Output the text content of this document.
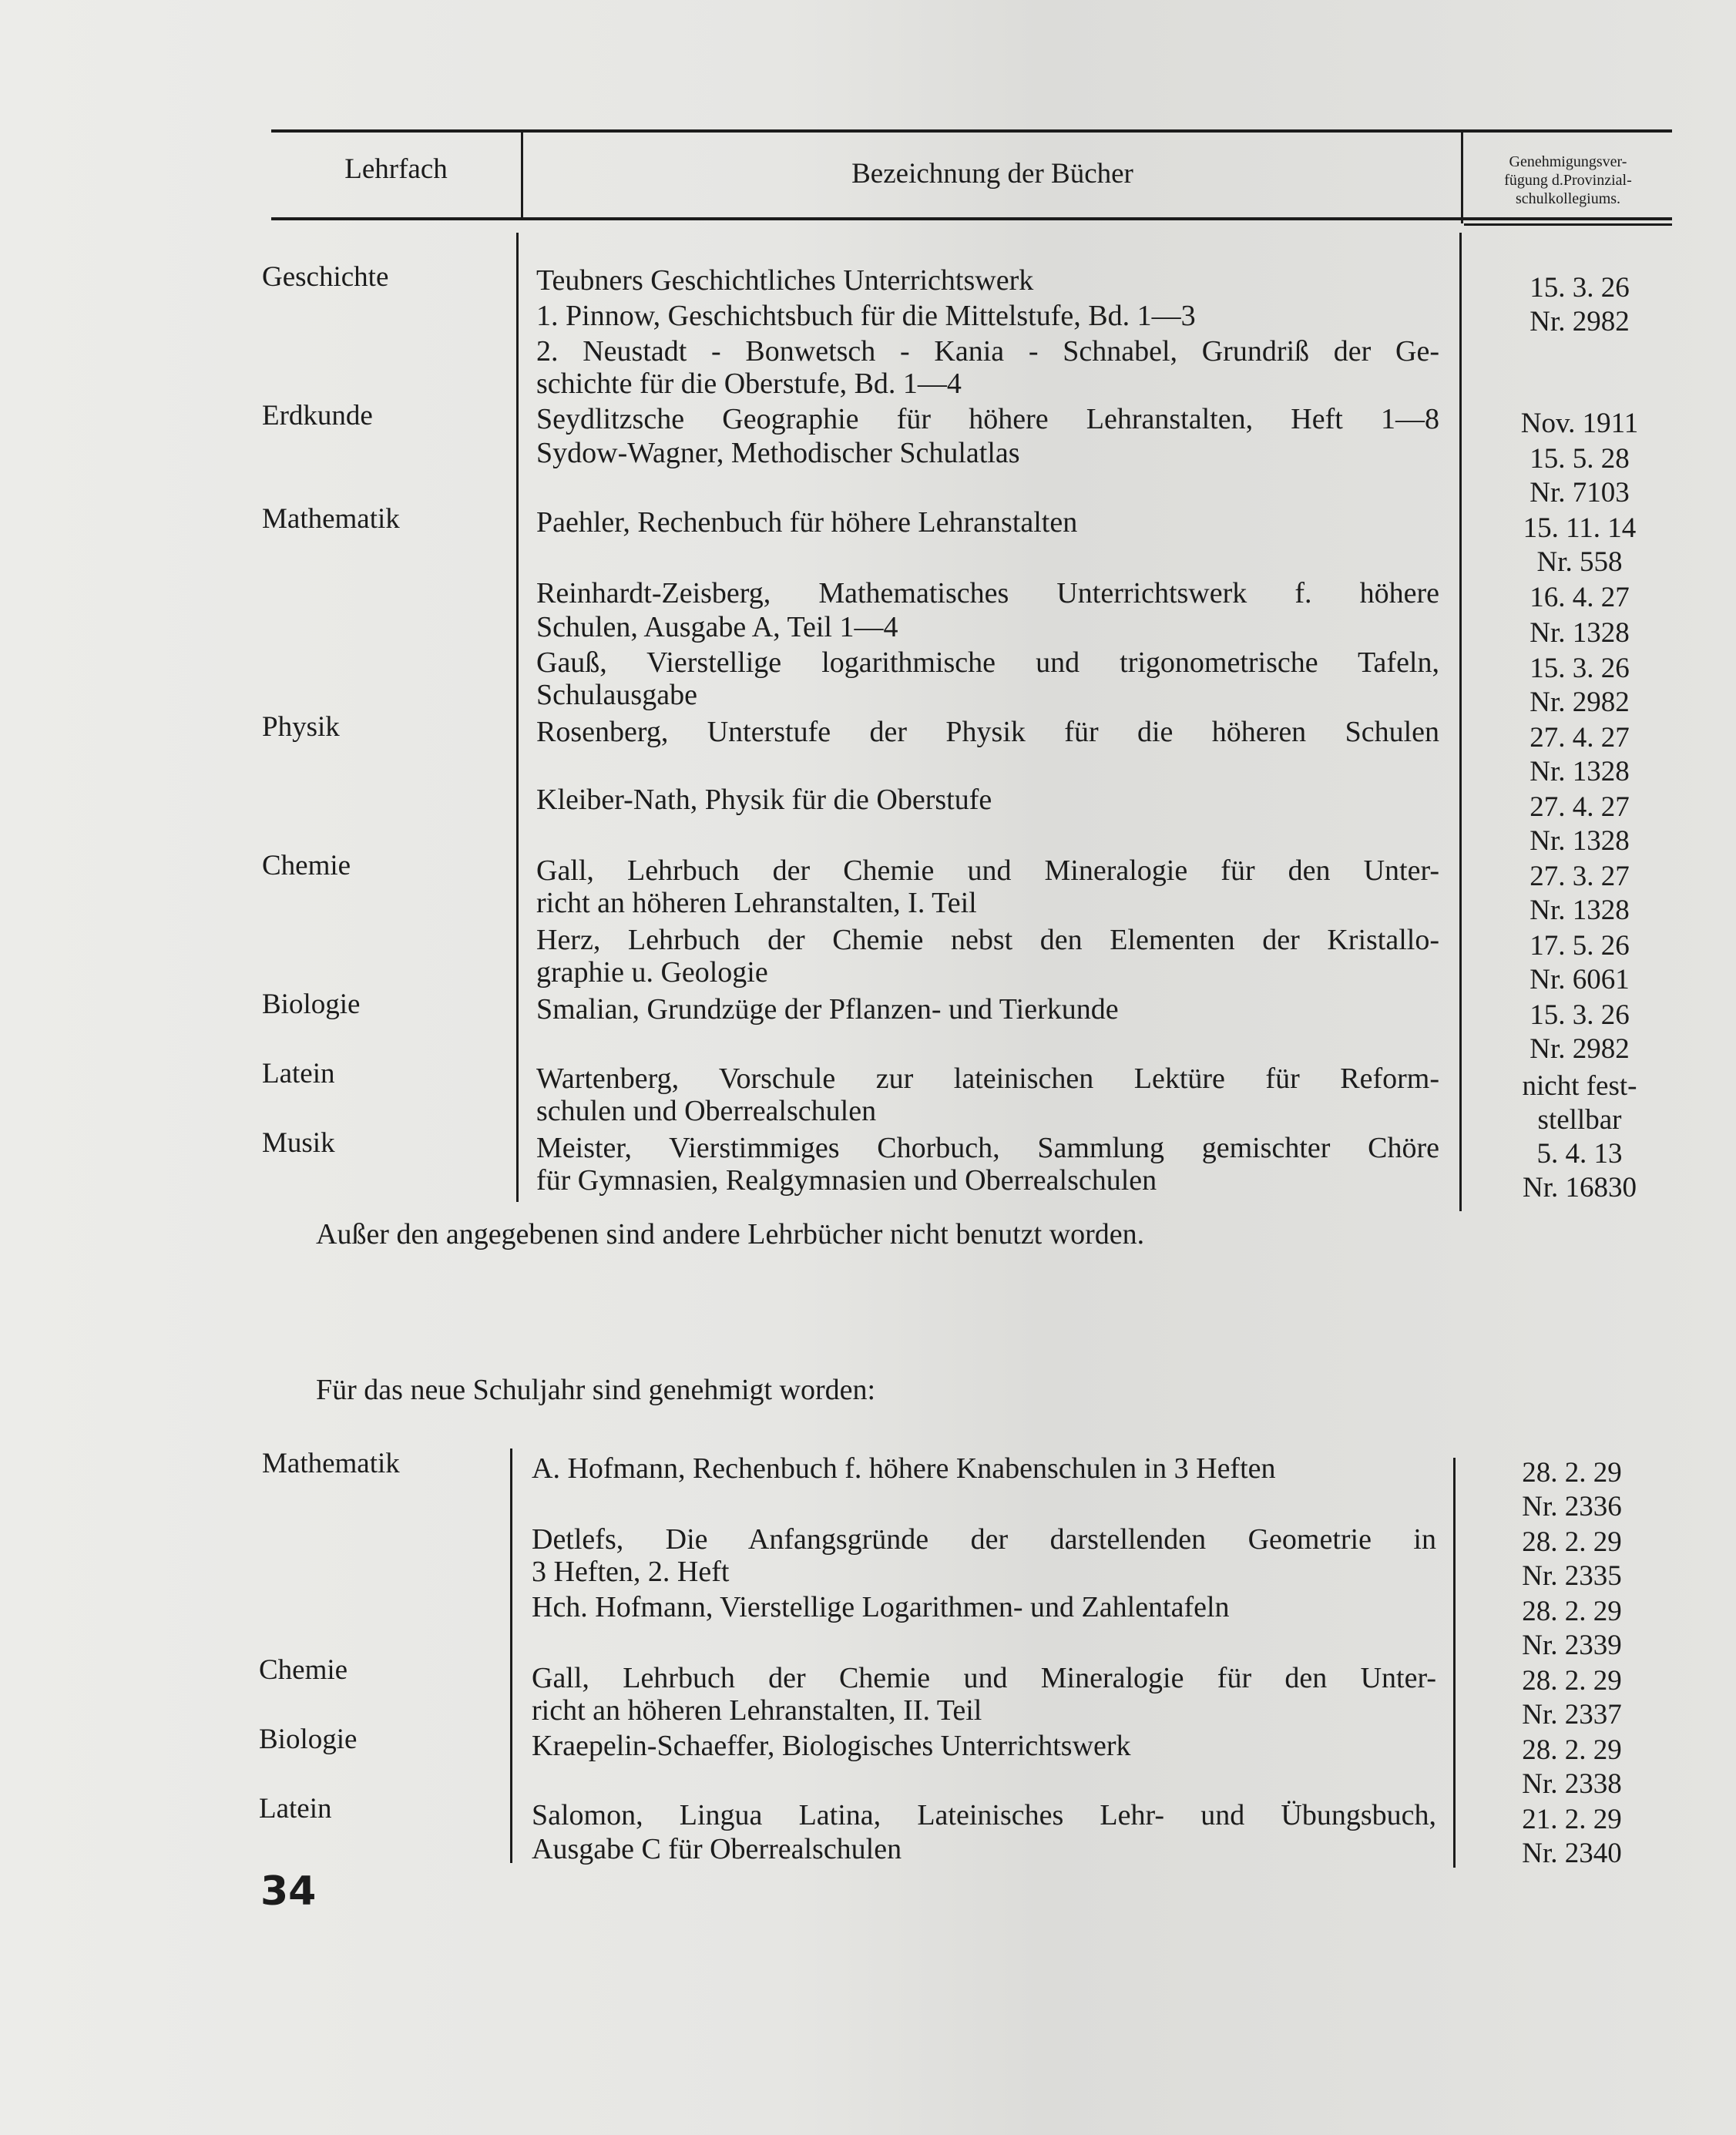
Lehrfach	Bezeichnung der Bücher	Genehmigungsver-
fügung d.Provinzial-
schulkollegiums.
Geschichte
Erdkunde
Mathematik
Physik
Chemie
Biologie
Latein
Musik
Teubners Geschichtliches Unterrichtswerk
1. Pinnow, Geschichtsbuch für die Mittelstufe, Bd. 1—3
2. Neustadt - Bonwetsch - Kania - Schnabel, Grundriß der Ge-
schichte für die Oberstufe, Bd. 1—4
Seydlitzsche Geographie für höhere Lehranstalten, Heft 1—8
Sydow-Wagner, Methodischer Schulatlas
Paehler, Rechenbuch für höhere Lehranstalten
Reinhardt-Zeisberg, Mathematisches Unterrichtswerk f. höhere
Schulen, Ausgabe A, Teil 1—4
Gauß, Vierstellige logarithmische und trigonometrische Tafeln,
Schulausgabe
Rosenberg, Unterstufe der Physik für die höheren Schulen
Kleiber-Nath, Physik für die Oberstufe
Gall, Lehrbuch der Chemie und Mineralogie für den Unter-
richt an höheren Lehranstalten, I. Teil
Herz, Lehrbuch der Chemie nebst den Elementen der Kristallo-
graphie u. Geologie
Smalian, Grundzüge der Pflanzen- und Tierkunde
Wartenberg, Vorschule zur lateinischen Lektüre für Reform-
schulen und Oberrealschulen
Meister, Vierstimmiges Chorbuch, Sammlung gemischter Chöre
für Gymnasien, Realgymnasien und Oberrealschulen
15. 3. 26
Nr. 2982
Nov. 1911
15. 5. 28
Nr. 7103
15. 11. 14
Nr. 558
16. 4. 27
Nr. 1328
15. 3. 26
Nr. 2982
27. 4. 27
Nr. 1328
27. 4. 27
Nr. 1328
27. 3. 27
Nr. 1328
17. 5. 26
Nr. 6061
15. 3. 26
Nr. 2982
nicht fest-
stellbar
5. 4. 13
Nr. 16830
Außer den angegebenen sind andere Lehrbücher nicht benutzt worden.
Für das neue Schuljahr sind genehmigt worden:
Mathematik
Chemie
Biologie
Latein
A. Hofmann, Rechenbuch f. höhere Knabenschulen in 3 Heften
Detlefs, Die Anfangsgründe der darstellenden Geometrie in
3 Heften, 2. Heft
Hch. Hofmann, Vierstellige Logarithmen- und Zahlentafeln
Gall, Lehrbuch der Chemie und Mineralogie für den Unter-
richt an höheren Lehranstalten, II. Teil
Kraepelin-Schaeffer, Biologisches Unterrichtswerk
Salomon, Lingua Latina, Lateinisches Lehr- und Übungsbuch,
Ausgabe C für Oberrealschulen
28. 2. 29
Nr. 2336
28. 2. 29
Nr. 2335
28. 2. 29
Nr. 2339
28. 2. 29
Nr. 2337
28. 2. 29
Nr. 2338
21. 2. 29
Nr. 2340
34
